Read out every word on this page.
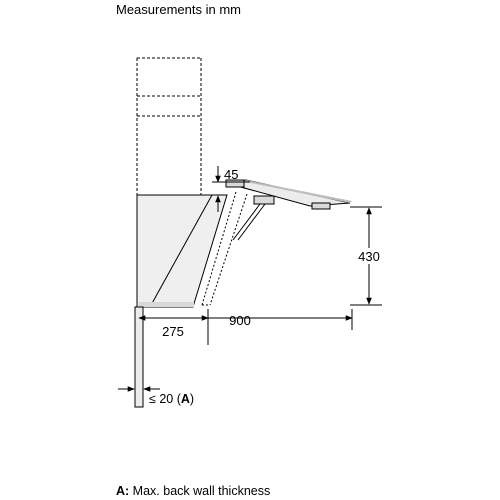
Measurements in mm
45
430
275
900
≤ 20 (A)
A: Max. back wall thickness
